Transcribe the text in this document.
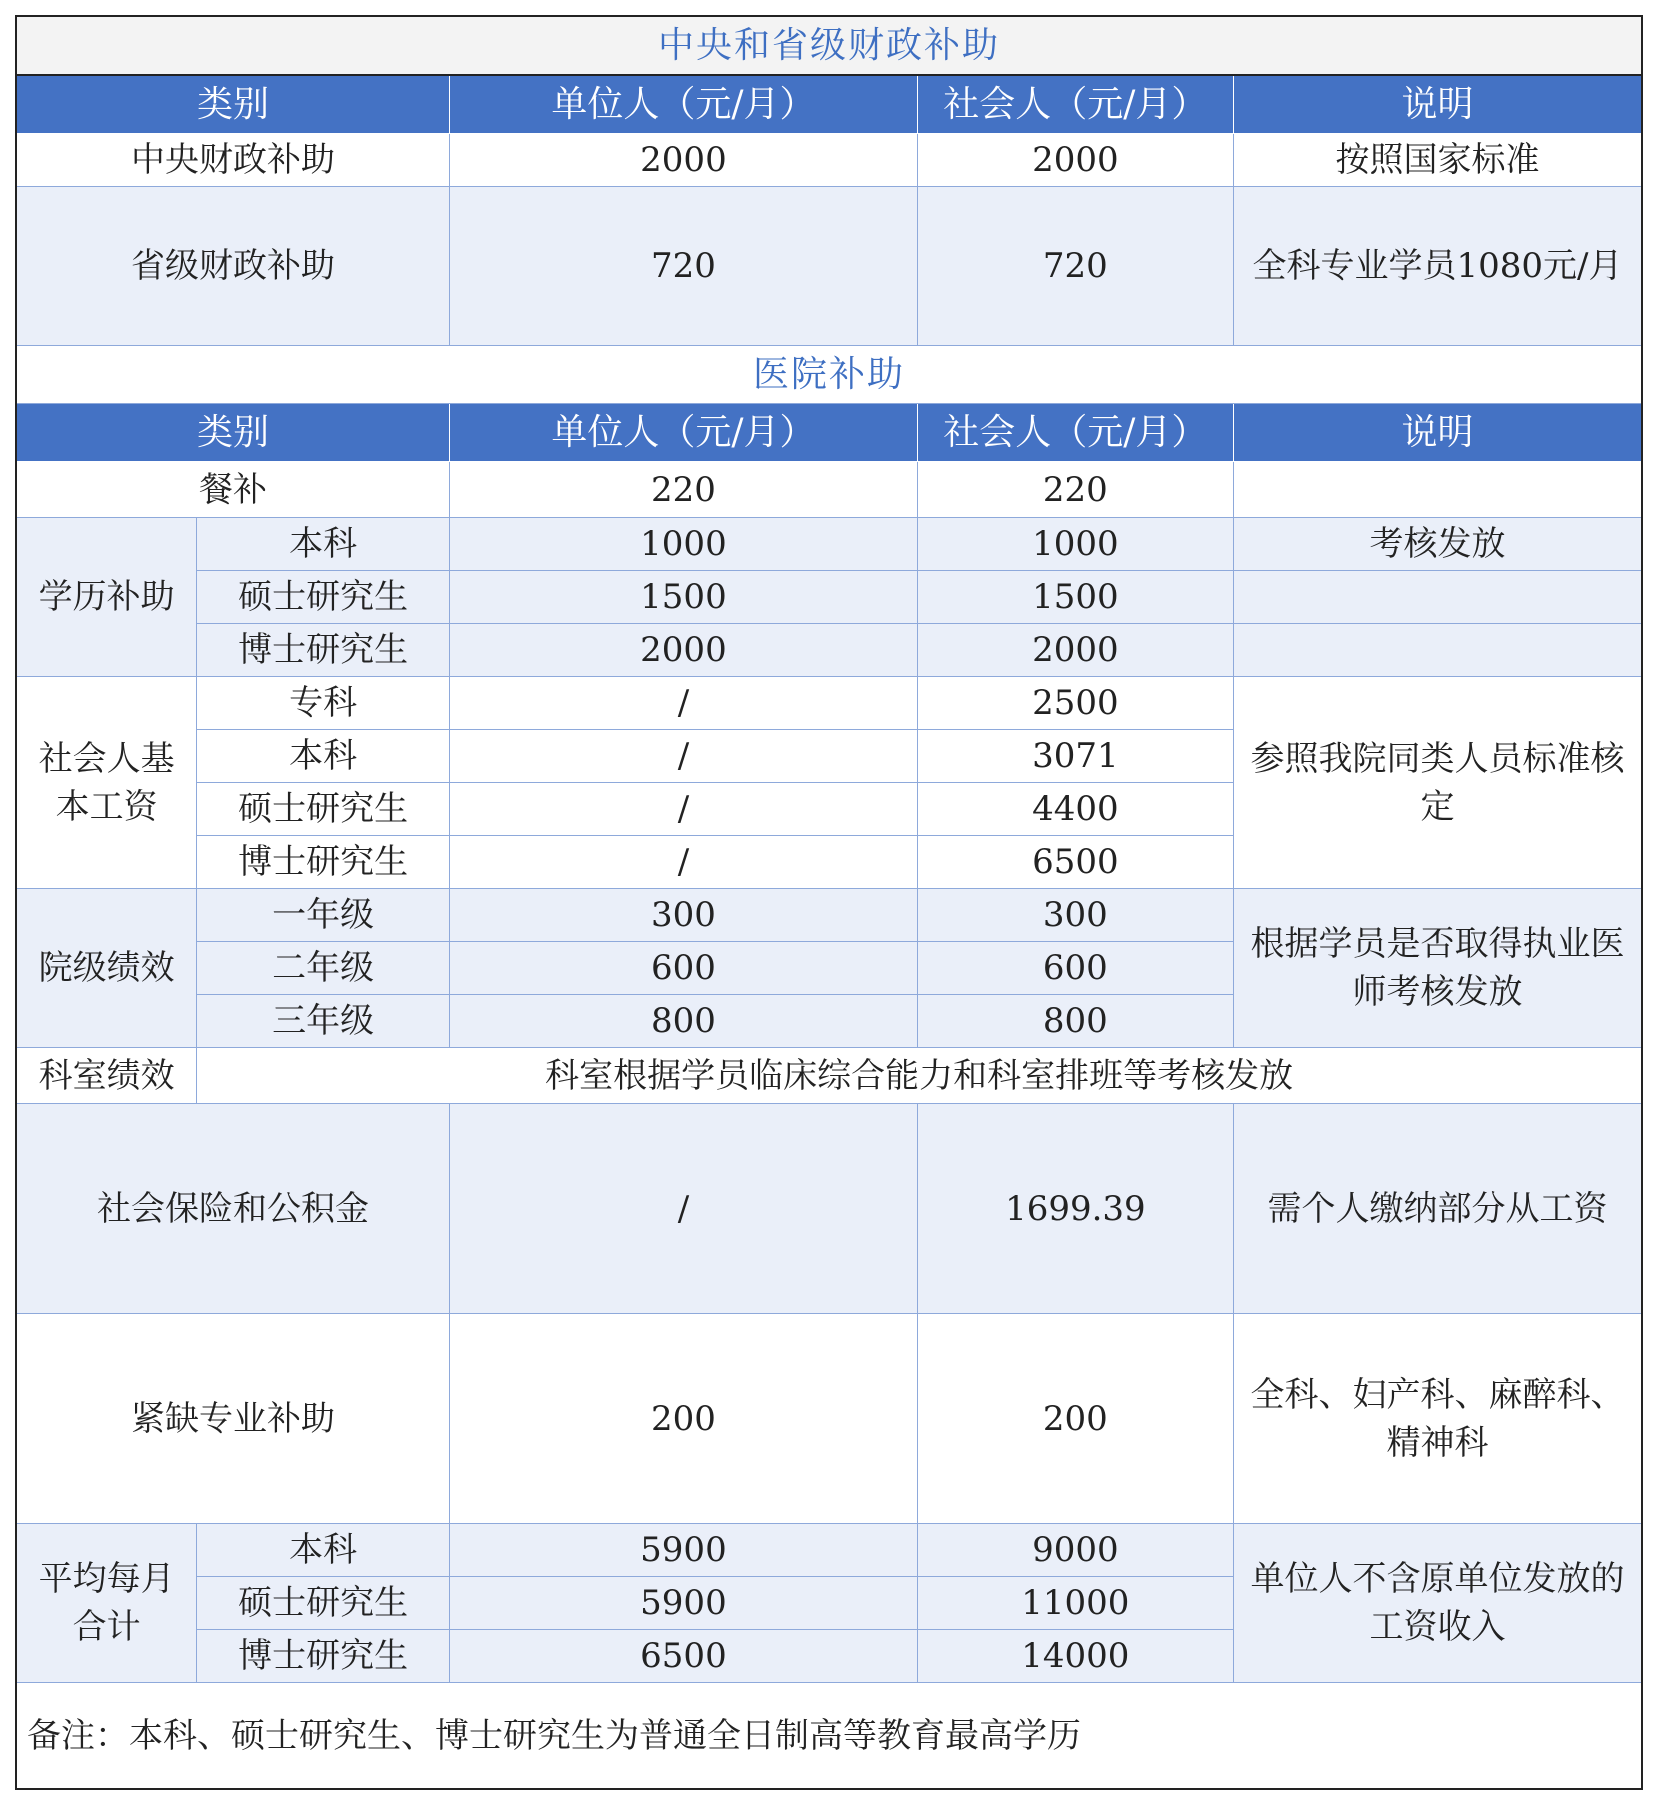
中央和省级财政补助				
类别		单位人（元/月）	社会人（元/月）	说明
中央财政补助		2000	2000	按照国家标准
省级财政补助		720	720	全科专业学员1080元/月
医院补助				
类别		单位人（元/月）	社会人（元/月）	说明
餐补		220	220	
学历补助	本科	1000	1000	考核发放
	硕士研究生	1500	1500	
	博士研究生	2000	2000	
社会人基本工资	专科	/	2500	参照我院同类人员标准核定
	本科	/	3071	
	硕士研究生	/	4400	
	博士研究生	/	6500	
院级绩效	一年级	300	300	根据学员是否取得执业医师考核发放
	二年级	600	600	
	三年级	800	800	
科室绩效	科室根据学员临床综合能力和科室排班等考核发放			
社会保险和公积金		/	1699.39	需个人缴纳部分从工资
紧缺专业补助		200	200	全科、妇产科、麻醉科、精神科
平均每月合计	本科	5900	9000	单位人不含原单位发放的工资收入
	硕士研究生	5900	11000	
	博士研究生	6500	14000	
备注：本科、硕士研究生、博士研究生为普通全日制高等教育最高学历				
